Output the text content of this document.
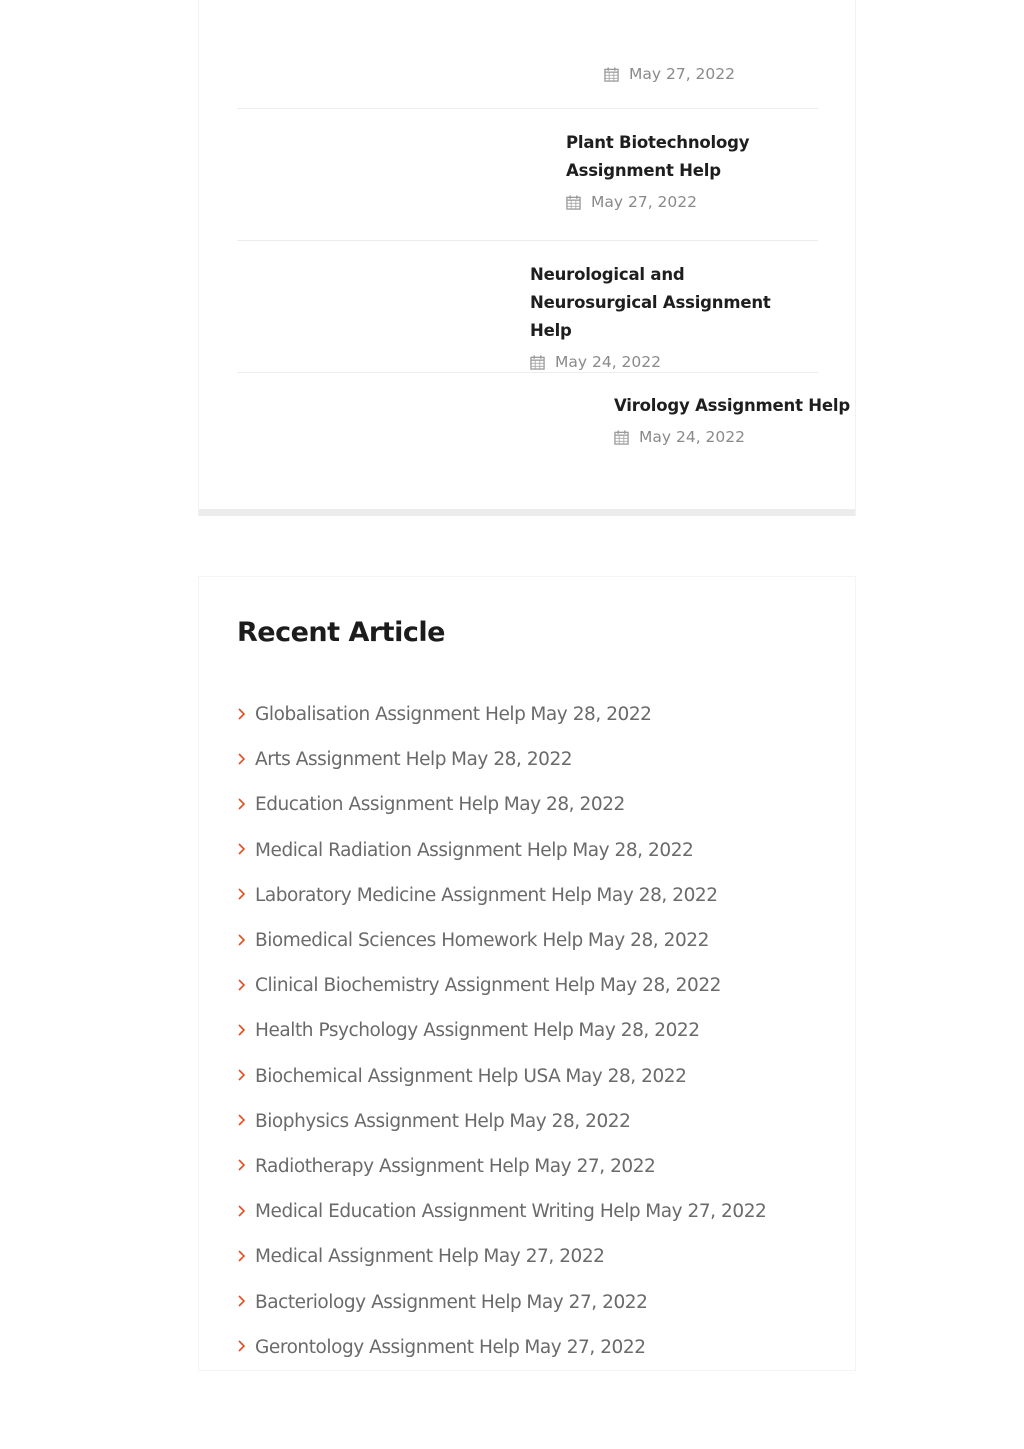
May 27, 2022
Plant Biotechnology Assignment Help
May 27, 2022
Neurological and Neurosurgical Assignment Help
May 24, 2022
Virology Assignment Help
May 24, 2022
Recent Article
Globalisation Assignment Help May 28, 2022
Arts Assignment Help May 28, 2022
Education Assignment Help May 28, 2022
Medical Radiation Assignment Help May 28, 2022
Laboratory Medicine Assignment Help May 28, 2022
Biomedical Sciences Homework Help May 28, 2022
Clinical Biochemistry Assignment Help May 28, 2022
Health Psychology Assignment Help May 28, 2022
Biochemical Assignment Help USA May 28, 2022
Biophysics Assignment Help May 28, 2022
Radiotherapy Assignment Help May 27, 2022
Medical Education Assignment Writing Help May 27, 2022
Medical Assignment Help May 27, 2022
Bacteriology Assignment Help May 27, 2022
Gerontology Assignment Help May 27, 2022
